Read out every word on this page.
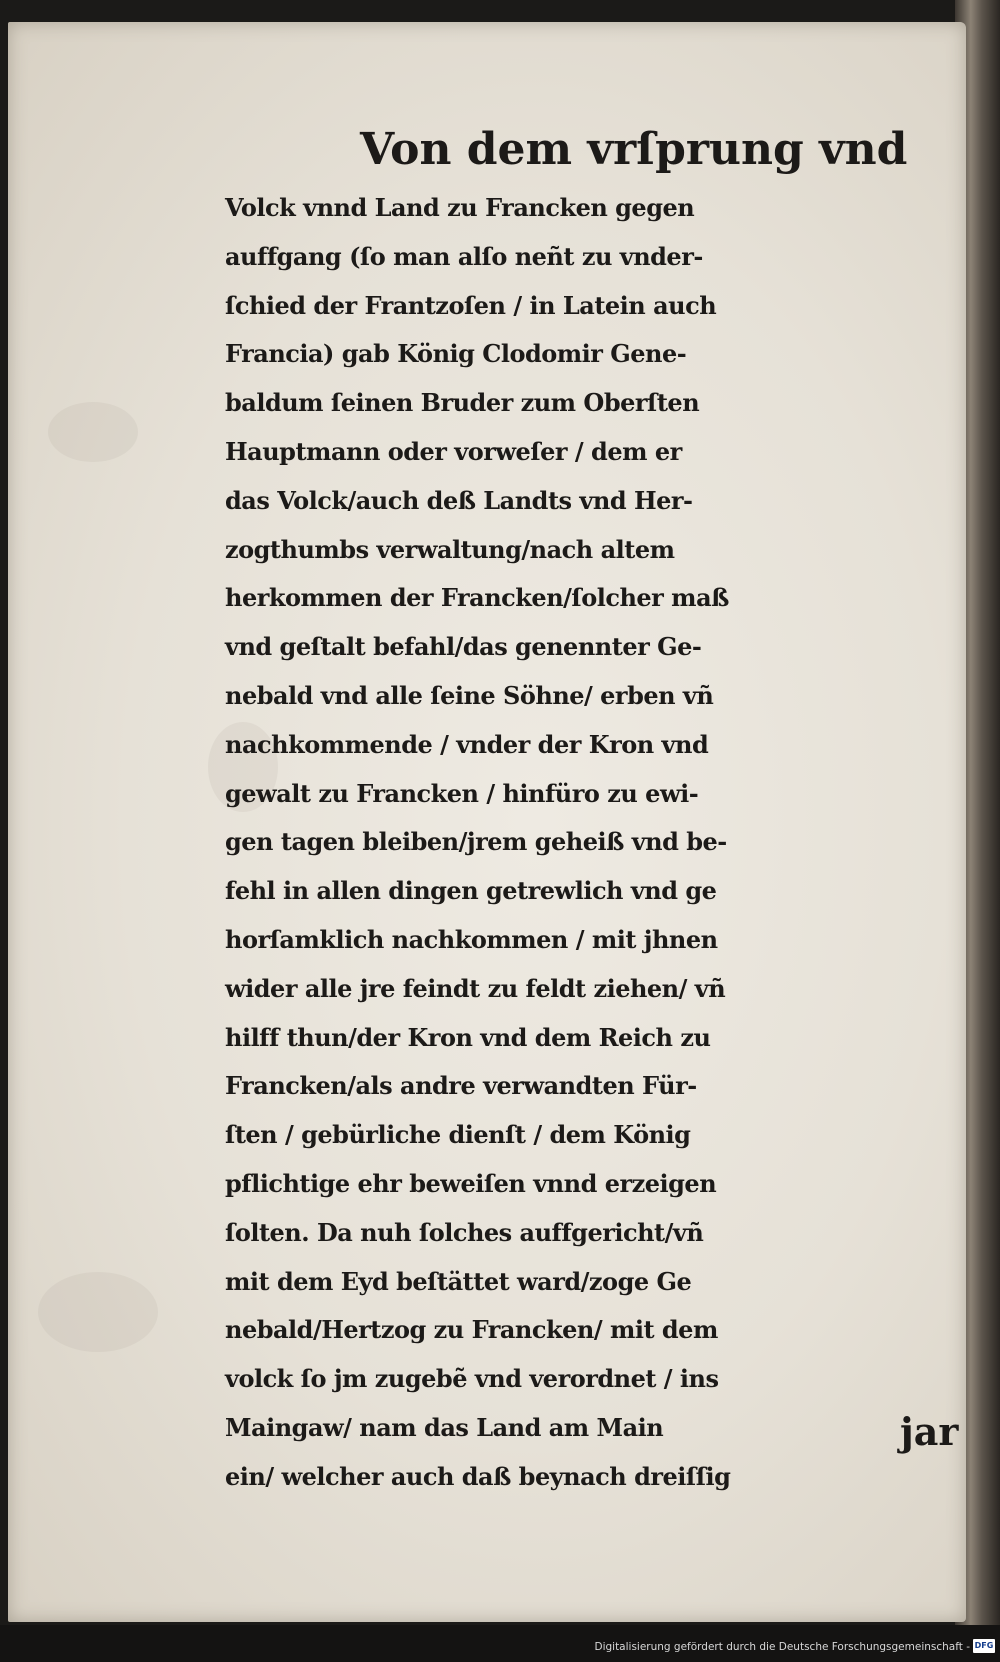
Von dem vrſprung vnd
Volck vnnd Land zu Francken gegen
auffgang (ſo man alſo neñt zu vnder-
ſchied der Frantzoſen / in Latein auch
Francia) gab König Clodomir Gene-
baldum ſeinen Bruder zum Oberſten
Hauptmann oder vorweſer / dem er
das Volck/auch deß Landts vnd Her-
zogthumbs verwaltung/nach altem
herkommen der Francken/ſolcher maß
vnd geſtalt befahl/das genennter Ge-
nebald vnd alle ſeine Söhne/ erben vñ
nachkommende / vnder der Kron vnd
gewalt zu Francken / hinfüro zu ewi-
gen tagen bleiben/jrem geheiß vnd be-
fehl in allen dingen getrewlich vnd ge
horſamklich nachkommen / mit jhnen
wider alle jre feindt zu feldt ziehen/ vñ
hilff thun/der Kron vnd dem Reich zu
Francken/als andre verwandten Für-
ſten / gebürliche dienſt / dem König
pflichtige ehr beweiſen vnnd erzeigen
ſolten. Da nuh ſolches auffgericht/vñ
mit dem Eyd beſtättet ward/zoge Ge
nebald/Hertzog zu Francken/ mit dem
volck ſo jm zugebẽ vnd verordnet / ins
Maingaw/ nam das Land am Main
ein/ welcher auch daß beynach dreiſſig
jar
Digitalisierung gefördert durch die Deutsche Forschungsgemeinschaft - DFG
